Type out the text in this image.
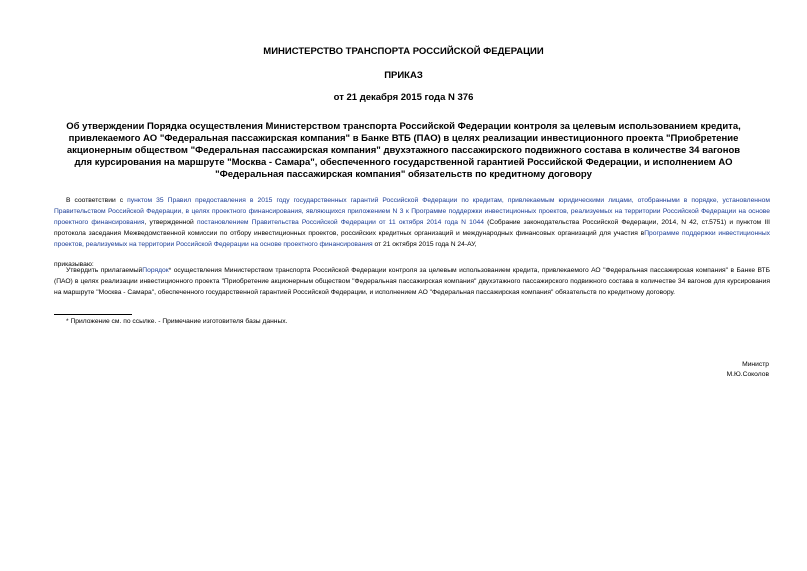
МИНИСТЕРСТВО ТРАНСПОРТА РОССИЙСКОЙ ФЕДЕРАЦИИ
ПРИКАЗ
от 21 декабря 2015 года N 376
Об утверждении Порядка осуществления Министерством транспорта Российской Федерации контроля за целевым использованием кредита, привлекаемого АО "Федеральная пассажирская компания" в Банке ВТБ (ПАО) в целях реализации инвестиционного проекта "Приобретение акционерным обществом "Федеральная пассажирская компания" двухэтажного пассажирского подвижного состава в количестве 34 вагонов для курсирования на маршруте "Москва - Самара", обеспеченного государственной гарантией Российской Федерации, и исполнением АО "Федеральная пассажирская компания" обязательств по кредитному договору
В соответствии с пунктом 35 Правил предоставления в 2015 году государственных гарантий Российской Федерации по кредитам, привлекаемым юридическими лицами, отобранными в порядке, установленном Правительством Российской Федерации, в целях проектного финансирования, являющихся приложением N 3 к Программе поддержки инвестиционных проектов, реализуемых на территории Российской Федерации на основе проектного финансирования, утвержденной постановлением Правительства Российской Федерации от 11 октября 2014 года N 1044 (Собрание законодательства Российской Федерации, 2014, N 42, ст.5751) и пунктом III протокола заседания Межведомственной комиссии по отбору инвестиционных проектов, российских кредитных организаций и международных финансовых организаций для участия вПрограмме поддержки инвестиционных проектов, реализуемых на территории Российской Федерации на основе проектного финансирования от 21 октября 2015 года N 24-АУ,
приказываю:
Утвердить прилагаемыйПорядок* осуществления Министерством транспорта Российской Федерации контроля за целевым использованием кредита, привлекаемого АО "Федеральная пассажирская компания" в Банке ВТБ (ПАО) в целях реализации инвестиционного проекта "Приобретение акционерным обществом "Федеральная пассажирская компания" двухэтажного пассажирского подвижного состава в количестве 34 вагонов для курсирования на маршруте "Москва - Самара", обеспеченного государственной гарантией Российской Федерации, и исполнением АО "Федеральная пассажирская компания" обязательств по кредитному договору.
* Приложение см. по ссылке. - Примечание изготовителя базы данных.
Министр
М.Ю.Соколов
